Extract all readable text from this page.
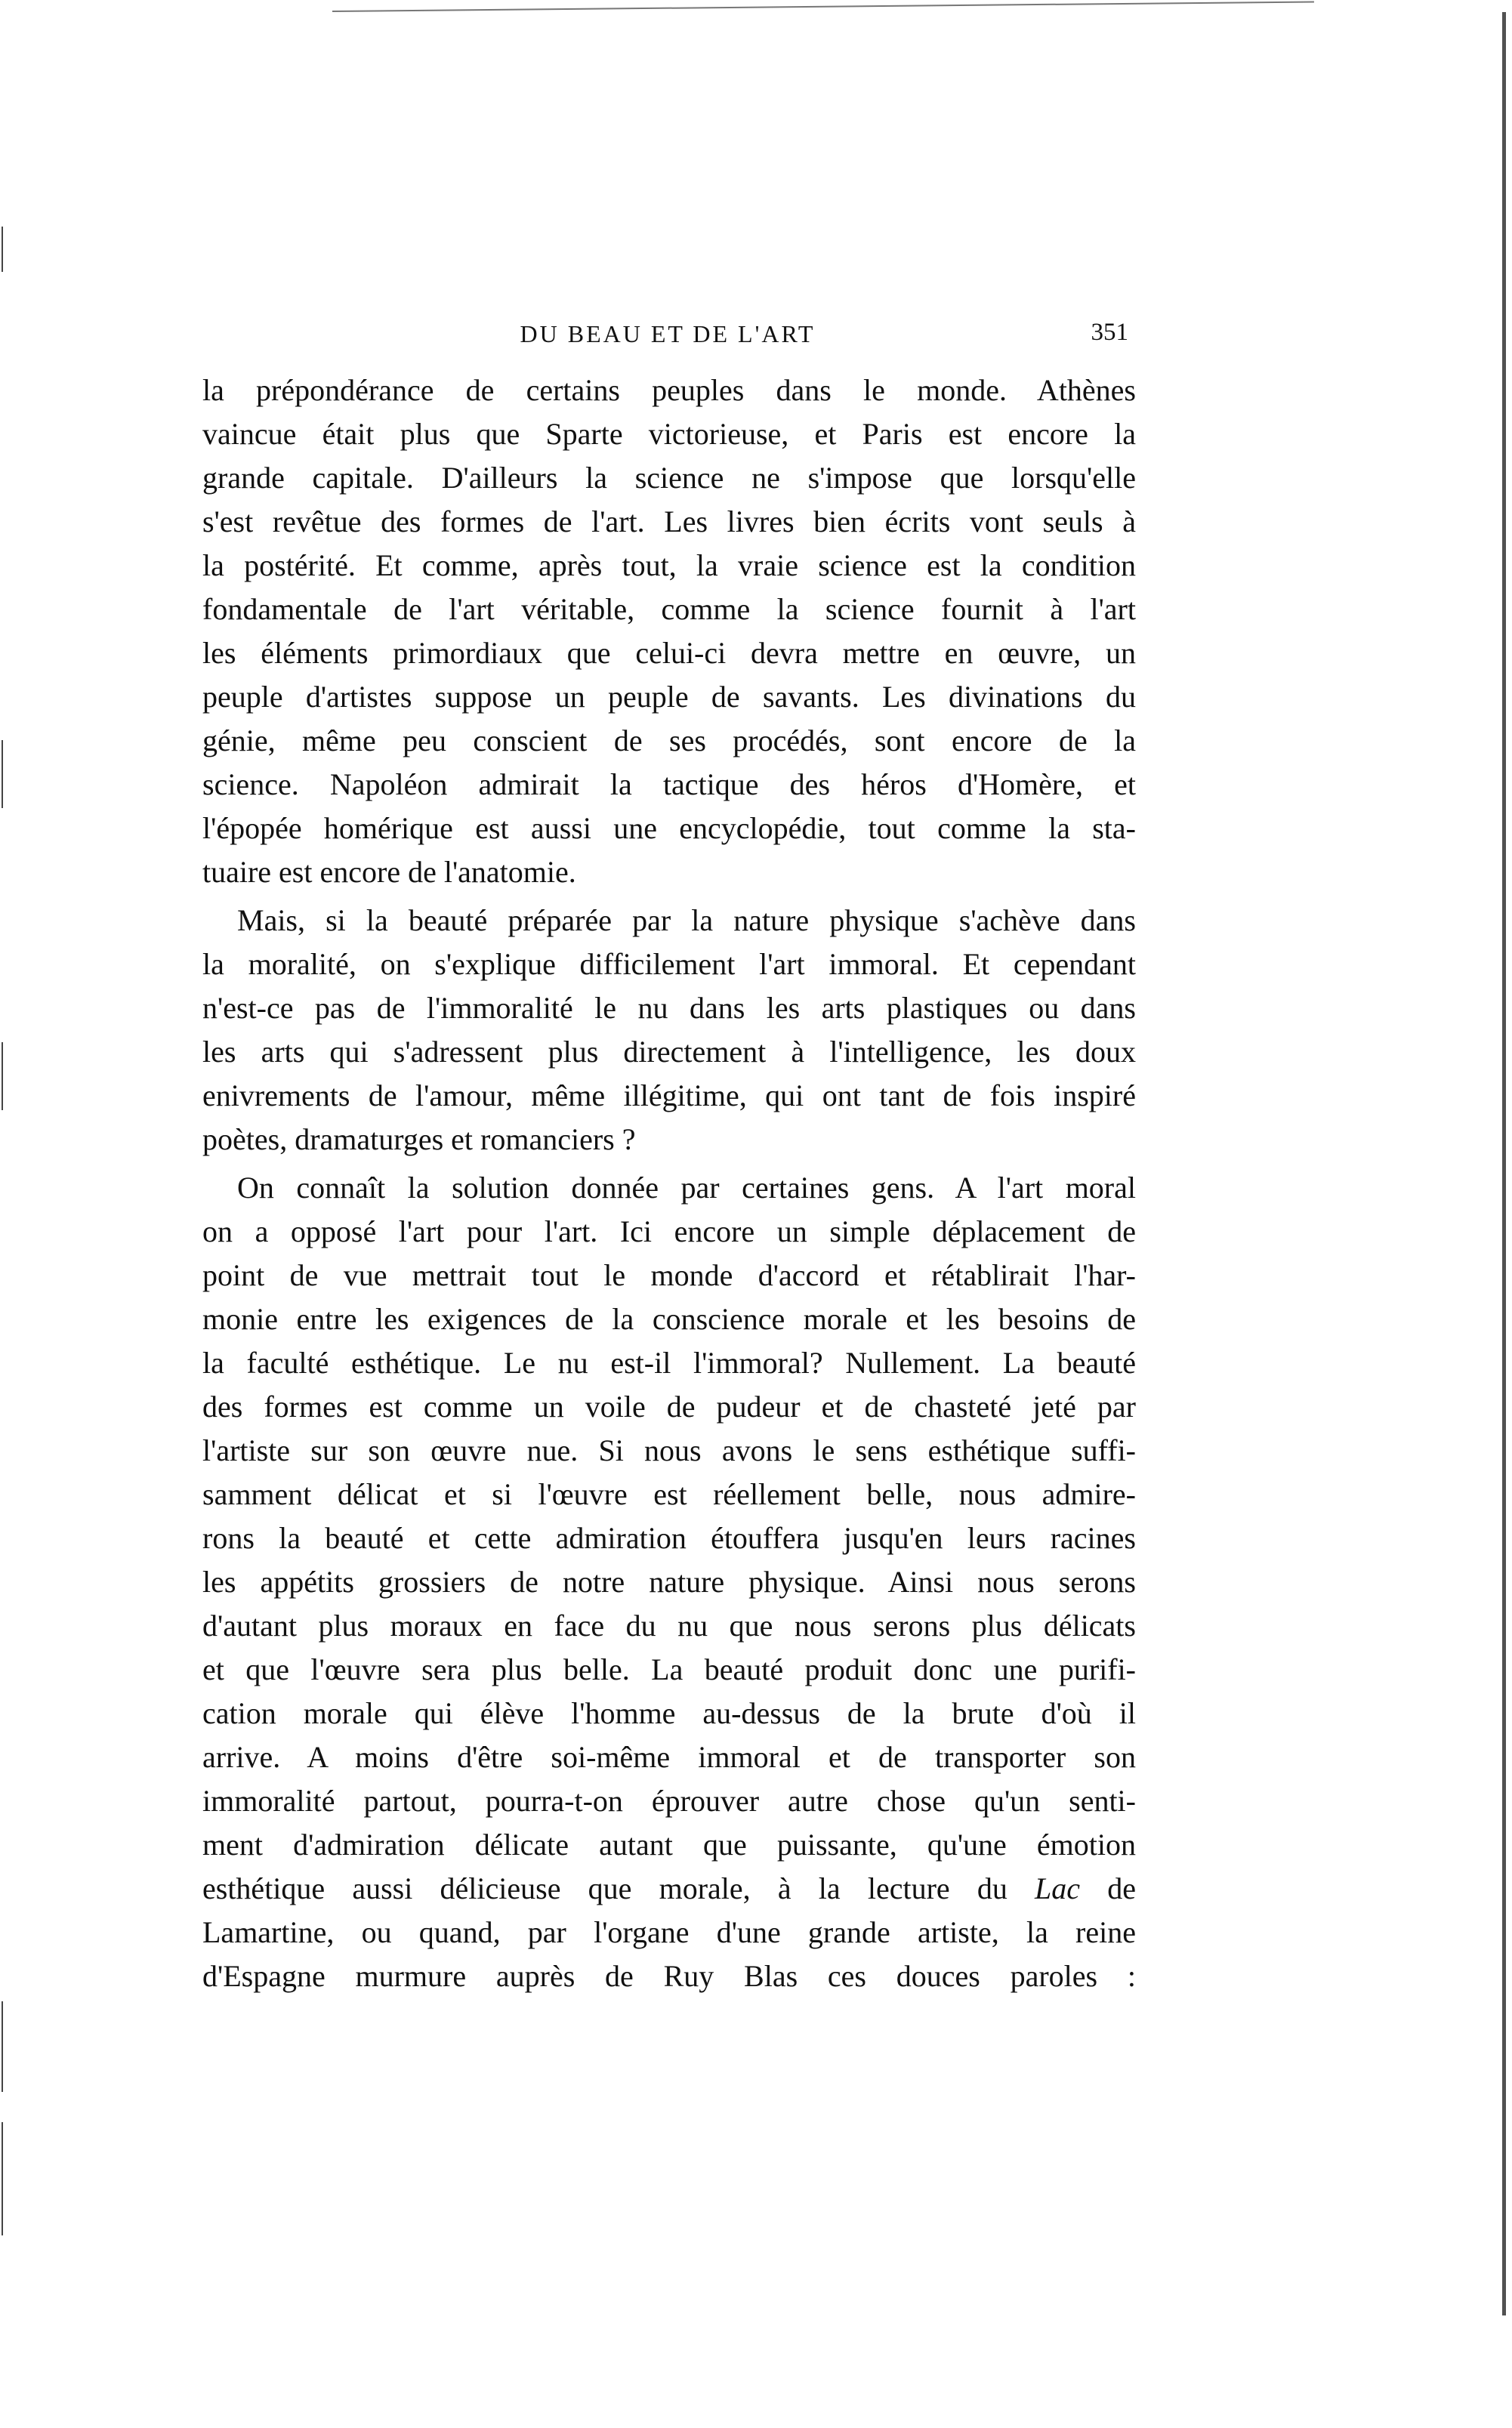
DU BEAU ET DE L'ART	351
la prépondérance de certains peuples dans le monde. Athènes
vaincue était plus que Sparte victorieuse, et Paris est encore la
grande capitale. D'ailleurs la science ne s'impose que lorsqu'elle
s'est revêtue des formes de l'art. Les livres bien écrits vont seuls à
la postérité. Et comme, après tout, la vraie science est la condition
fondamentale de l'art véritable, comme la science fournit à l'art
les éléments primordiaux que celui-ci devra mettre en œuvre, un
peuple d'artistes suppose un peuple de savants. Les divinations du
génie, même peu conscient de ses procédés, sont encore de la
science. Napoléon admirait la tactique des héros d'Homère, et
l'épopée homérique est aussi une encyclopédie, tout comme la sta-
tuaire est encore de l'anatomie.
Mais, si la beauté préparée par la nature physique s'achève dans
la moralité, on s'explique difficilement l'art immoral. Et cependant
n'est-ce pas de l'immoralité le nu dans les arts plastiques ou dans
les arts qui s'adressent plus directement à l'intelligence, les doux
enivrements de l'amour, même illégitime, qui ont tant de fois inspiré
poètes, dramaturges et romanciers ?
On connaît la solution donnée par certaines gens. A l'art moral
on a opposé l'art pour l'art. Ici encore un simple déplacement de
point de vue mettrait tout le monde d'accord et rétablirait l'har-
monie entre les exigences de la conscience morale et les besoins de
la faculté esthétique. Le nu est-il l'immoral? Nullement. La beauté
des formes est comme un voile de pudeur et de chasteté jeté par
l'artiste sur son œuvre nue. Si nous avons le sens esthétique suffi-
samment délicat et si l'œuvre est réellement belle, nous admire-
rons la beauté et cette admiration étouffera jusqu'en leurs racines
les appétits grossiers de notre nature physique. Ainsi nous serons
d'autant plus moraux en face du nu que nous serons plus délicats
et que l'œuvre sera plus belle. La beauté produit donc une purifi-
cation morale qui élève l'homme au-dessus de la brute d'où il
arrive. A moins d'être soi-même immoral et de transporter son
immoralité partout, pourra-t-on éprouver autre chose qu'un senti-
ment d'admiration délicate autant que puissante, qu'une émotion
esthétique aussi délicieuse que morale, à la lecture du Lac de
Lamartine, ou quand, par l'organe d'une grande artiste, la reine
d'Espagne murmure auprès de Ruy Blas ces douces paroles :
